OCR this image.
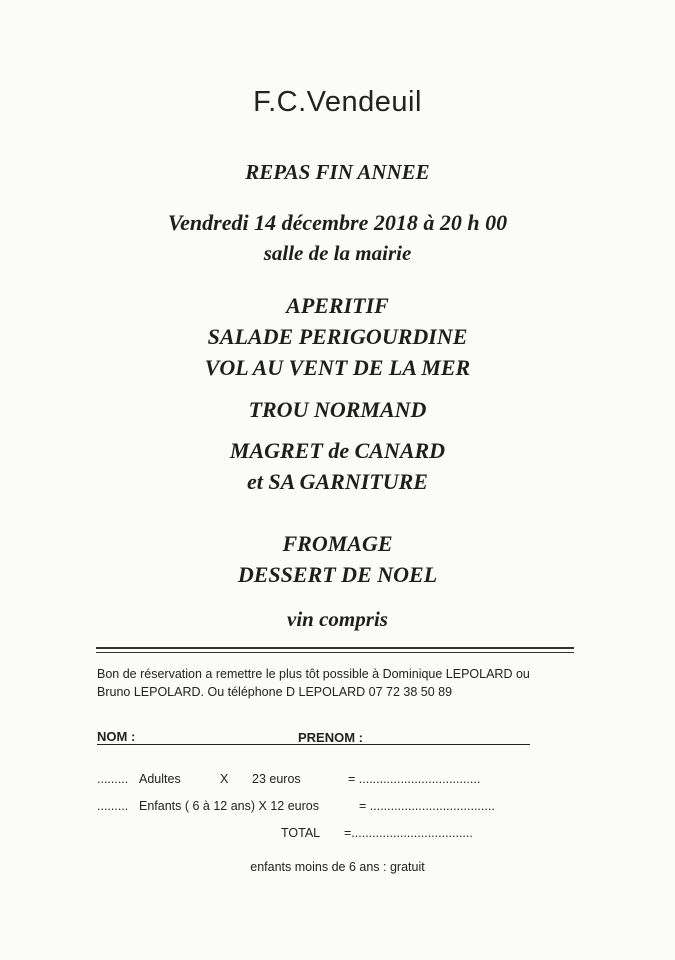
F.C.Vendeuil
REPAS FIN ANNEE
Vendredi 14 décembre 2018 à 20 h 00
salle de la mairie
APERITIF
SALADE PERIGOURDINE
VOL AU VENT DE LA MER
TROU NORMAND
MAGRET de CANARD
et SA GARNITURE
FROMAGE
DESSERT DE NOEL
vin compris
Bon de réservation a remettre le plus tôt possible à Dominique LEPOLARD ou
Bruno LEPOLARD. Ou téléphone D LEPOLARD 07 72 38 50 89
NOM :	PRENOM :
......... Adultes	X 23 euros	= ...................................
......... Enfants ( 6 à 12 ans) X 12 euros	= ....................................
TOTAL =...................................
enfants moins de 6 ans : gratuit
